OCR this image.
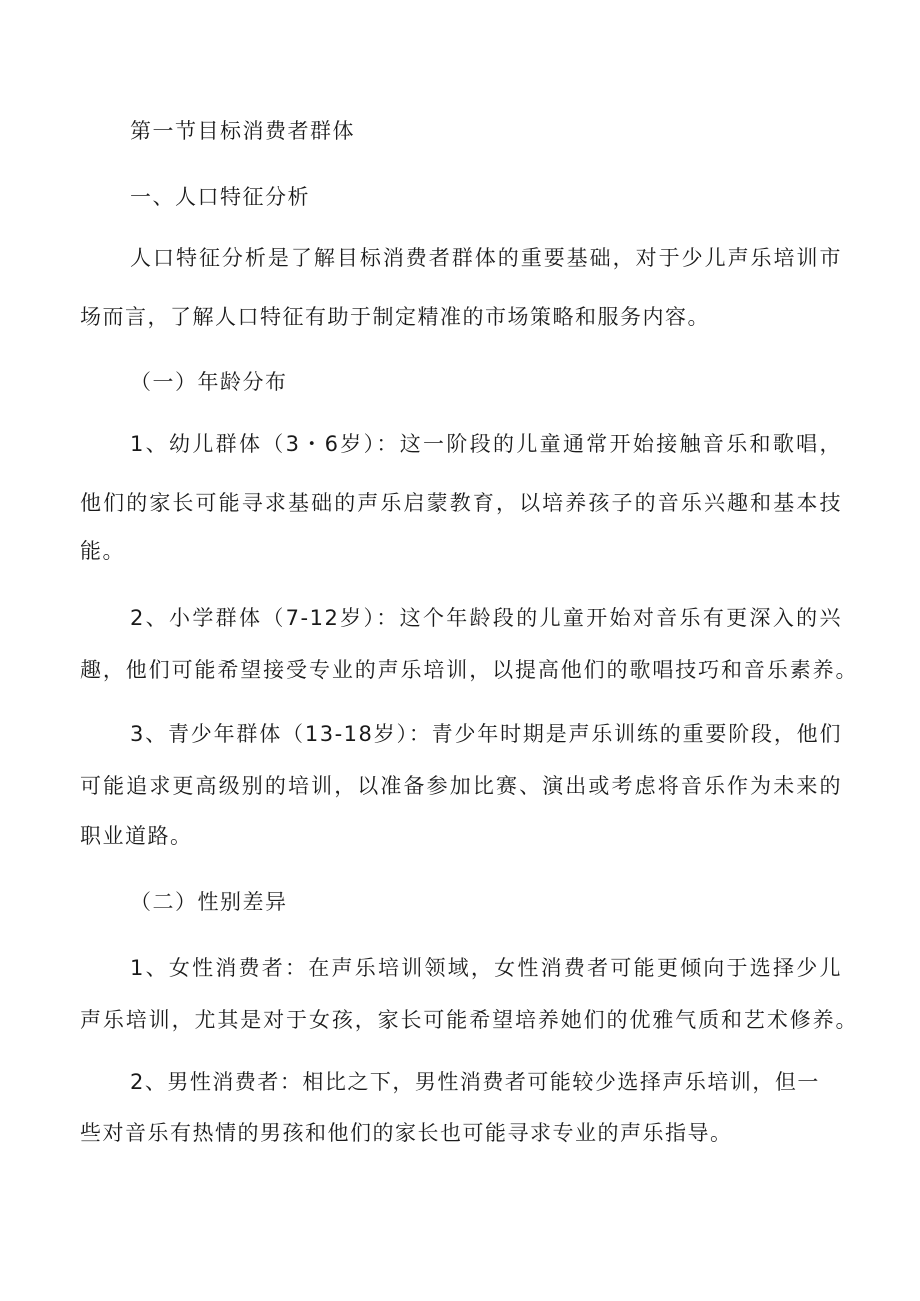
第一节目标消费者群体
一、人口特征分析
人口特征分析是了解目标消费者群体的重要基础，对于少儿声乐培训市
场而言，了解人口特征有助于制定精准的市场策略和服务内容。
（一）年龄分布
1、幼儿群体（3・6岁）：这一阶段的儿童通常开始接触音乐和歌唱，
他们的家长可能寻求基础的声乐启蒙教育，以培养孩子的音乐兴趣和基本技
能。
2、小学群体（7-12岁）：这个年龄段的儿童开始对音乐有更深入的兴
趣，他们可能希望接受专业的声乐培训，以提高他们的歌唱技巧和音乐素养。
3、青少年群体（13-18岁）：青少年时期是声乐训练的重要阶段，他们
可能追求更高级别的培训，以准备参加比赛、演出或考虑将音乐作为未来的
职业道路。
（二）性别差异
1、女性消费者：在声乐培训领域，女性消费者可能更倾向于选择少儿
声乐培训，尤其是对于女孩，家长可能希望培养她们的优雅气质和艺术修养。
2、男性消费者：相比之下，男性消费者可能较少选择声乐培训，但一
些对音乐有热情的男孩和他们的家长也可能寻求专业的声乐指导。
